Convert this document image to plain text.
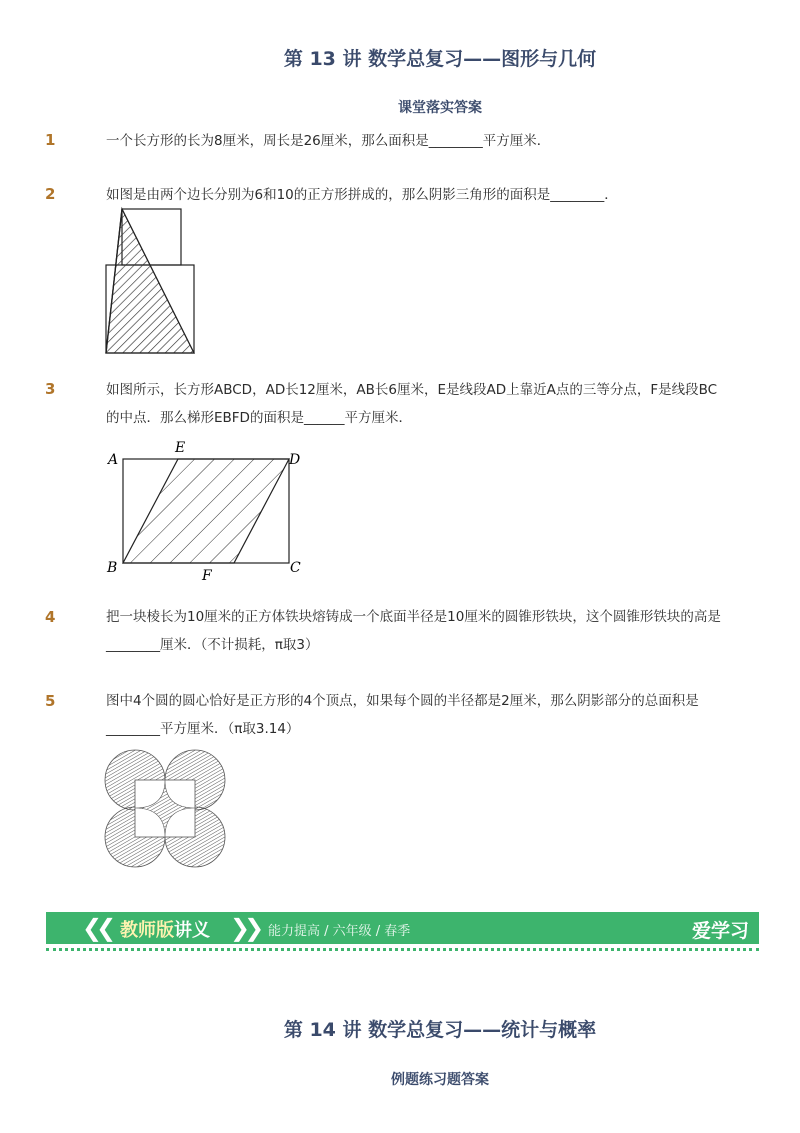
第 13 讲 数学总复习——图形与几何
课堂落实答案
1	一个长方形的长为8厘米，周长是26厘米，那么面积是________平方厘米．
2	如图是由两个边长分别为6和10的正方形拼成的，那么阴影三角形的面积是________．
3	如图所示，长方形ABCD，AD长12厘米，AB长6厘米，E是线段AD上靠近A点的三等分点，F是线段BC的中点．那么梯形EBFD的面积是______平方厘米．
A
E
D
B	F	C
4	把一块棱长为10厘米的正方体铁块熔铸成一个底面半径是10厘米的圆锥形铁块，这个圆锥形铁块的高是________厘米．（不计损耗，π取3）
5	图中4个圆的圆心恰好是正方形的4个顶点，如果每个圆的半径都是2厘米，那么阴影部分的总面积是________平方厘米．（π取3.14）
❮❮ 教师版讲义 ❯❯ 能力提高 / 六年级 / 春季	爱学习
第 14 讲 数学总复习——统计与概率
例题练习题答案
